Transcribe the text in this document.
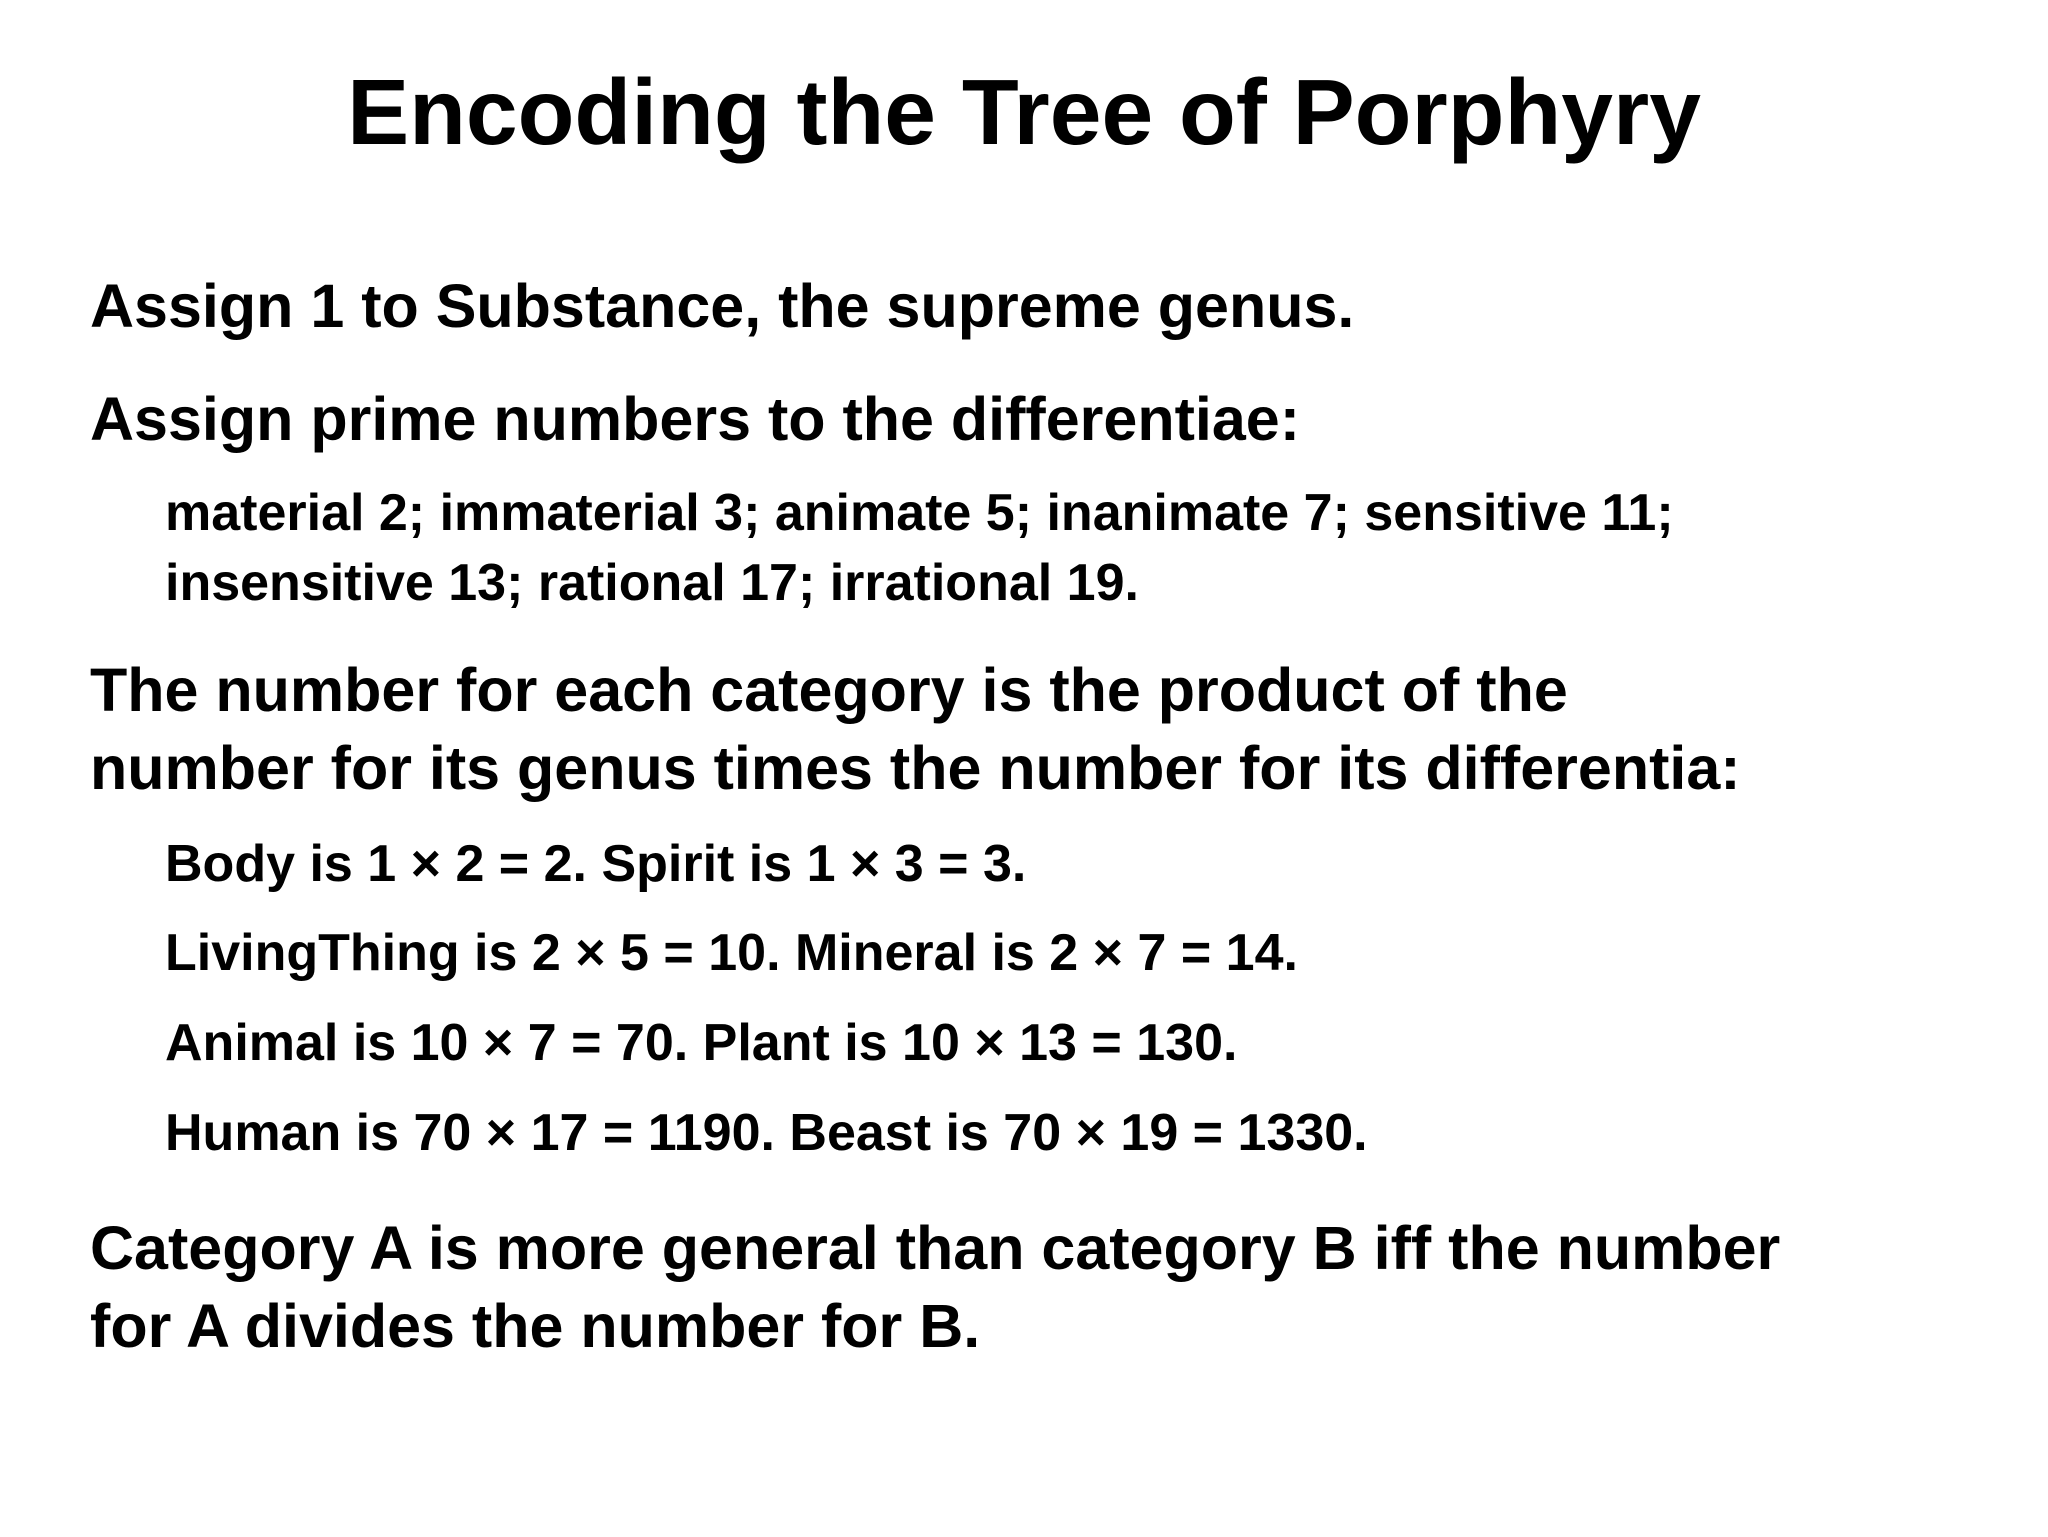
Encoding the Tree of Porphyry

Assign 1 to Substance, the supreme genus.

Assign prime numbers to the differentiae:

material 2; immaterial 3; animate 5; inanimate 7; sensitive 11;

insensitive 13; rational 17; irrational 19.

The number for each category is the product of the

number for its genus times the number for its differentia:

Body is 1 × 2 = 2. Spirit is 1 × 3 = 3.

LivingThing is 2 × 5 = 10. Mineral is 2 × 7 = 14.

Animal is 10 × 7 = 70. Plant is 10 × 13 = 130.

Human is 70 × 17 = 1190. Beast is 70 × 19 = 1330.

Category A is more general than category B iff the number

for A divides the number for B.
